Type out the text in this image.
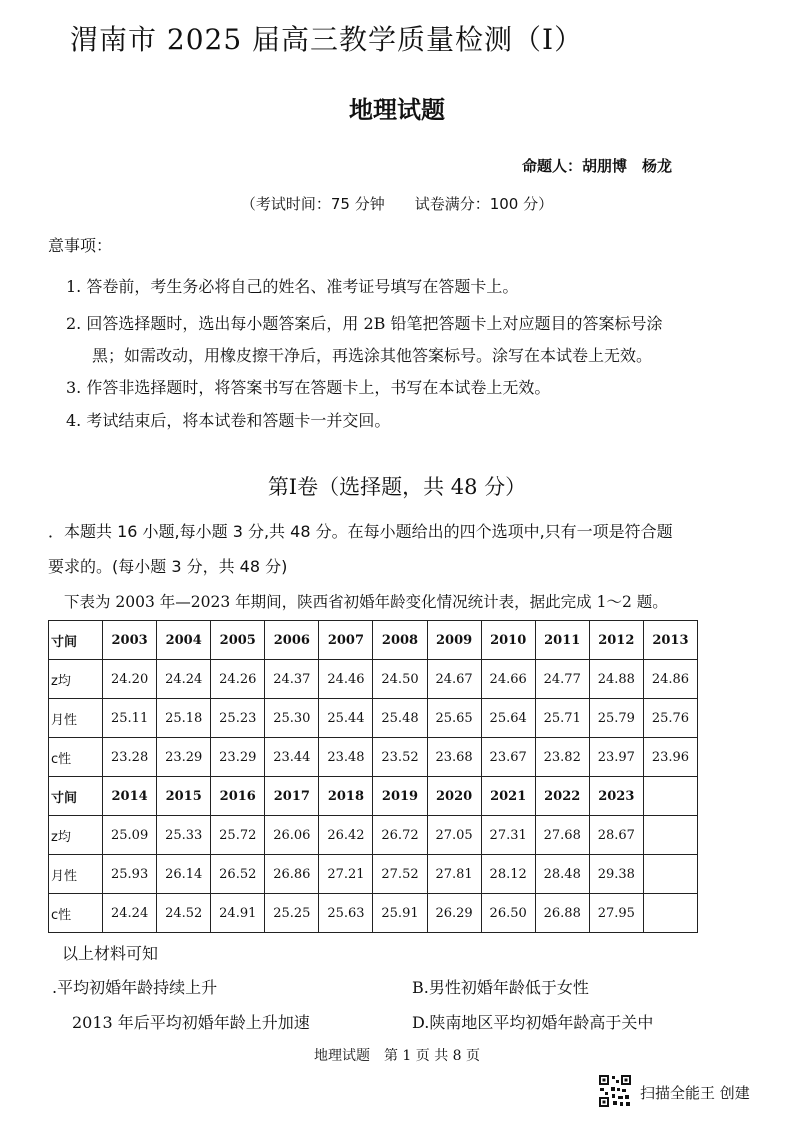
渭南市 2025 届高三教学质量检测（Ⅰ）
地理试题
命题人：胡朋博　杨龙
（考试时间：75 分钟　　试卷满分：100 分）
意事项：
1. 答卷前，考生务必将自己的姓名、准考证号填写在答题卡上。
2. 回答选择题时，选出每小题答案后，用 2B 铅笔把答题卡上对应题目的答案标号涂
黑；如需改动，用橡皮擦干净后，再选涂其他答案标号。涂写在本试卷上无效。
3. 作答非选择题时，将答案书写在答题卡上，书写在本试卷上无效。
4. 考试结束后，将本试卷和答题卡一并交回。
第Ⅰ卷（选择题，共 48 分）
．本题共 16 小题,每小题 3 分,共 48 分。在每小题给出的四个选项中,只有一项是符合题
要求的。(每小题 3 分，共 48 分)
下表为 2003 年—2023 年期间，陕西省初婚年龄变化情况统计表，据此完成 1～2 题。
寸间	2003	2004	2005	2006	2007	2008	2009	2010	2011	2012	2013
z均	24.20	24.24	24.26	24.37	24.46	24.50	24.67	24.66	24.77	24.88	24.86
月性	25.11	25.18	25.23	25.30	25.44	25.48	25.65	25.64	25.71	25.79	25.76
c性	23.28	23.29	23.29	23.44	23.48	23.52	23.68	23.67	23.82	23.97	23.96
寸间	2014	2015	2016	2017	2018	2019	2020	2021	2022	2023	
z均	25.09	25.33	25.72	26.06	26.42	26.72	27.05	27.31	27.68	28.67	
月性	25.93	26.14	26.52	26.86	27.21	27.52	27.81	28.12	28.48	29.38	
c性	24.24	24.52	24.91	25.25	25.63	25.91	26.29	26.50	26.88	27.95	
以上材料可知
.平均初婚年龄持续上升	B.男性初婚年龄低于女性
2013 年后平均初婚年龄上升加速	D.陕南地区平均初婚年龄高于关中
地理试题　第 1 页 共 8 页
扫描全能王 创建
